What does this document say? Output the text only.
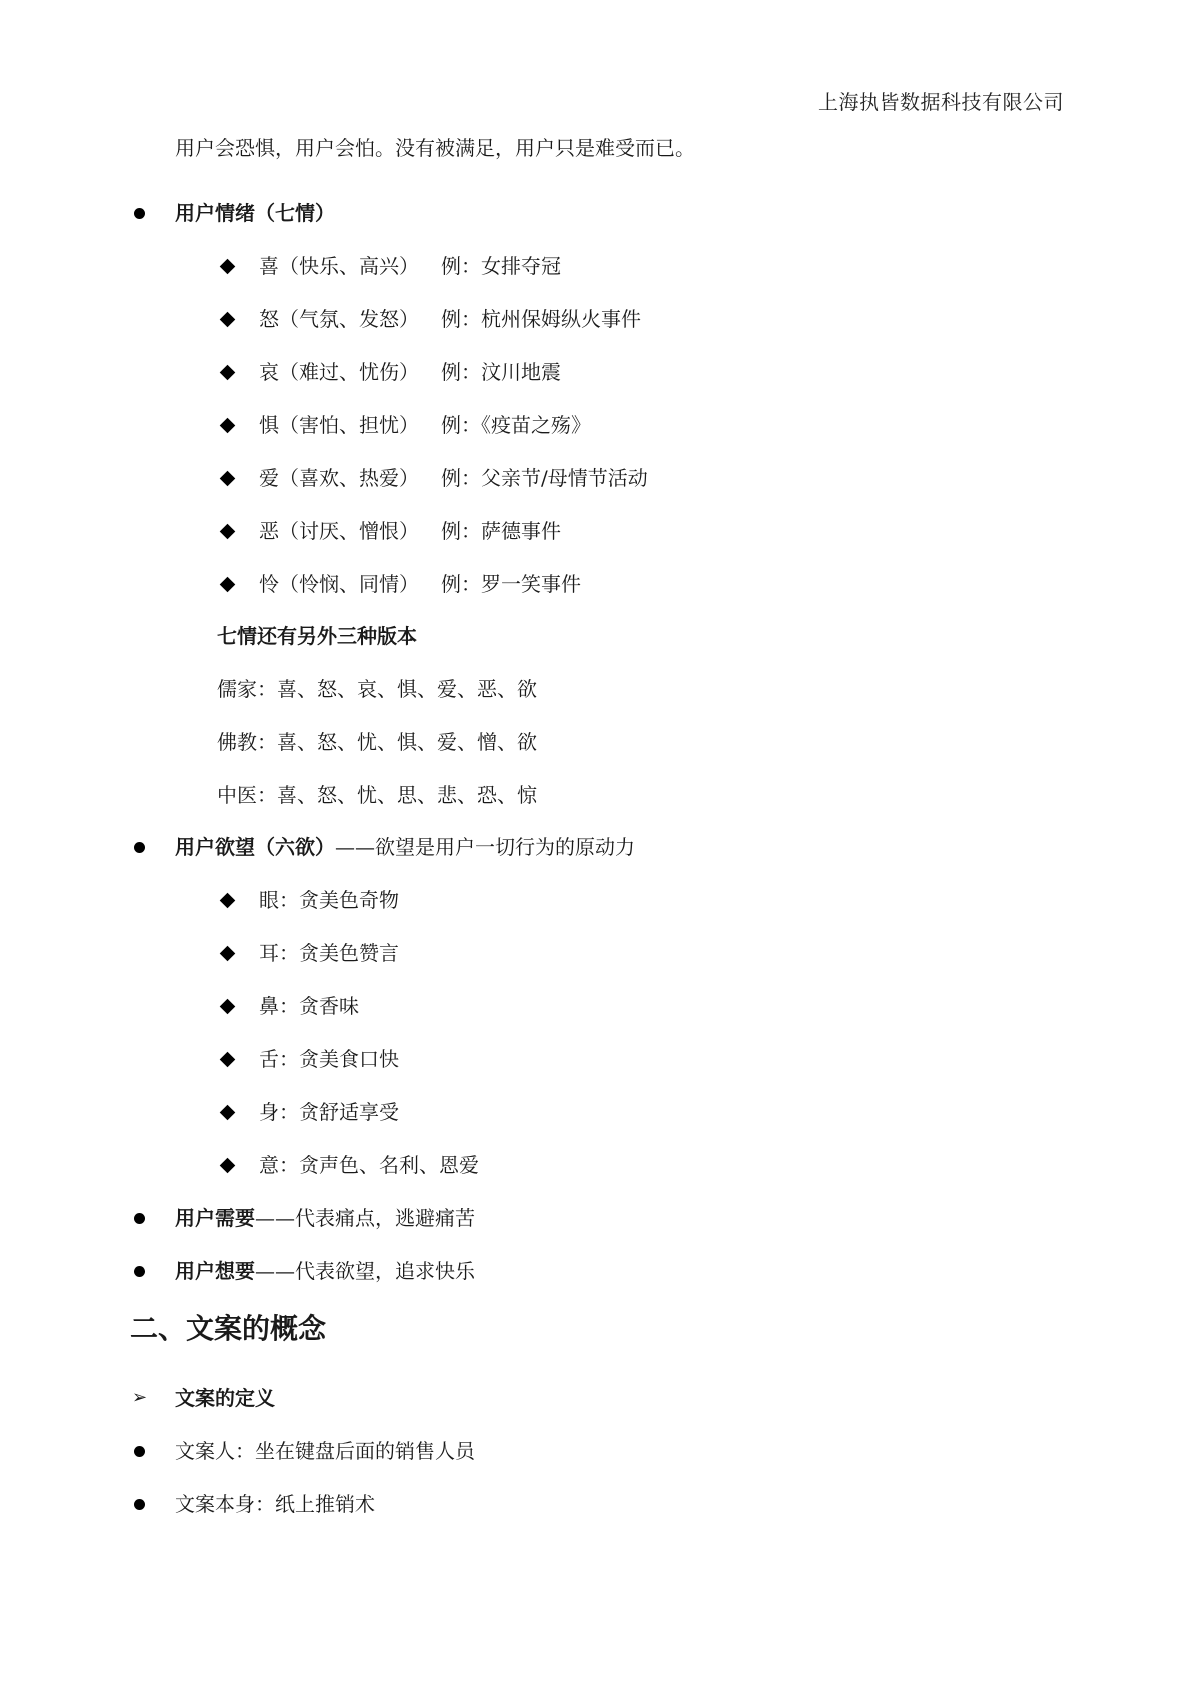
上海执皆数据科技有限公司
用户会恐惧，用户会怕。没有被满足，用户只是难受而已。
用户情绪（七情）
喜（快乐、高兴） 例：女排夺冠
怒（气氛、发怒） 例：杭州保姆纵火事件
哀（难过、忧伤） 例：汶川地震
惧（害怕、担忧） 例：《疫苗之殇》
爱（喜欢、热爱） 例：父亲节/母情节活动
恶（讨厌、憎恨） 例：萨德事件
怜（怜悯、同情） 例：罗一笑事件
七情还有另外三种版本
儒家：喜、怒、哀、惧、爱、恶、欲
佛教：喜、怒、忧、惧、爱、憎、欲
中医：喜、怒、忧、思、悲、恐、惊
用户欲望（六欲）——欲望是用户一切行为的原动力
眼：贪美色奇物
耳：贪美色赞言
鼻：贪香味
舌：贪美食口快
身：贪舒适享受
意：贪声色、名利、恩爱
用户需要——代表痛点，逃避痛苦
用户想要——代表欲望，追求快乐
二、文案的概念
➢ 文案的定义
文案人：坐在键盘后面的销售人员
文案本身：纸上推销术
